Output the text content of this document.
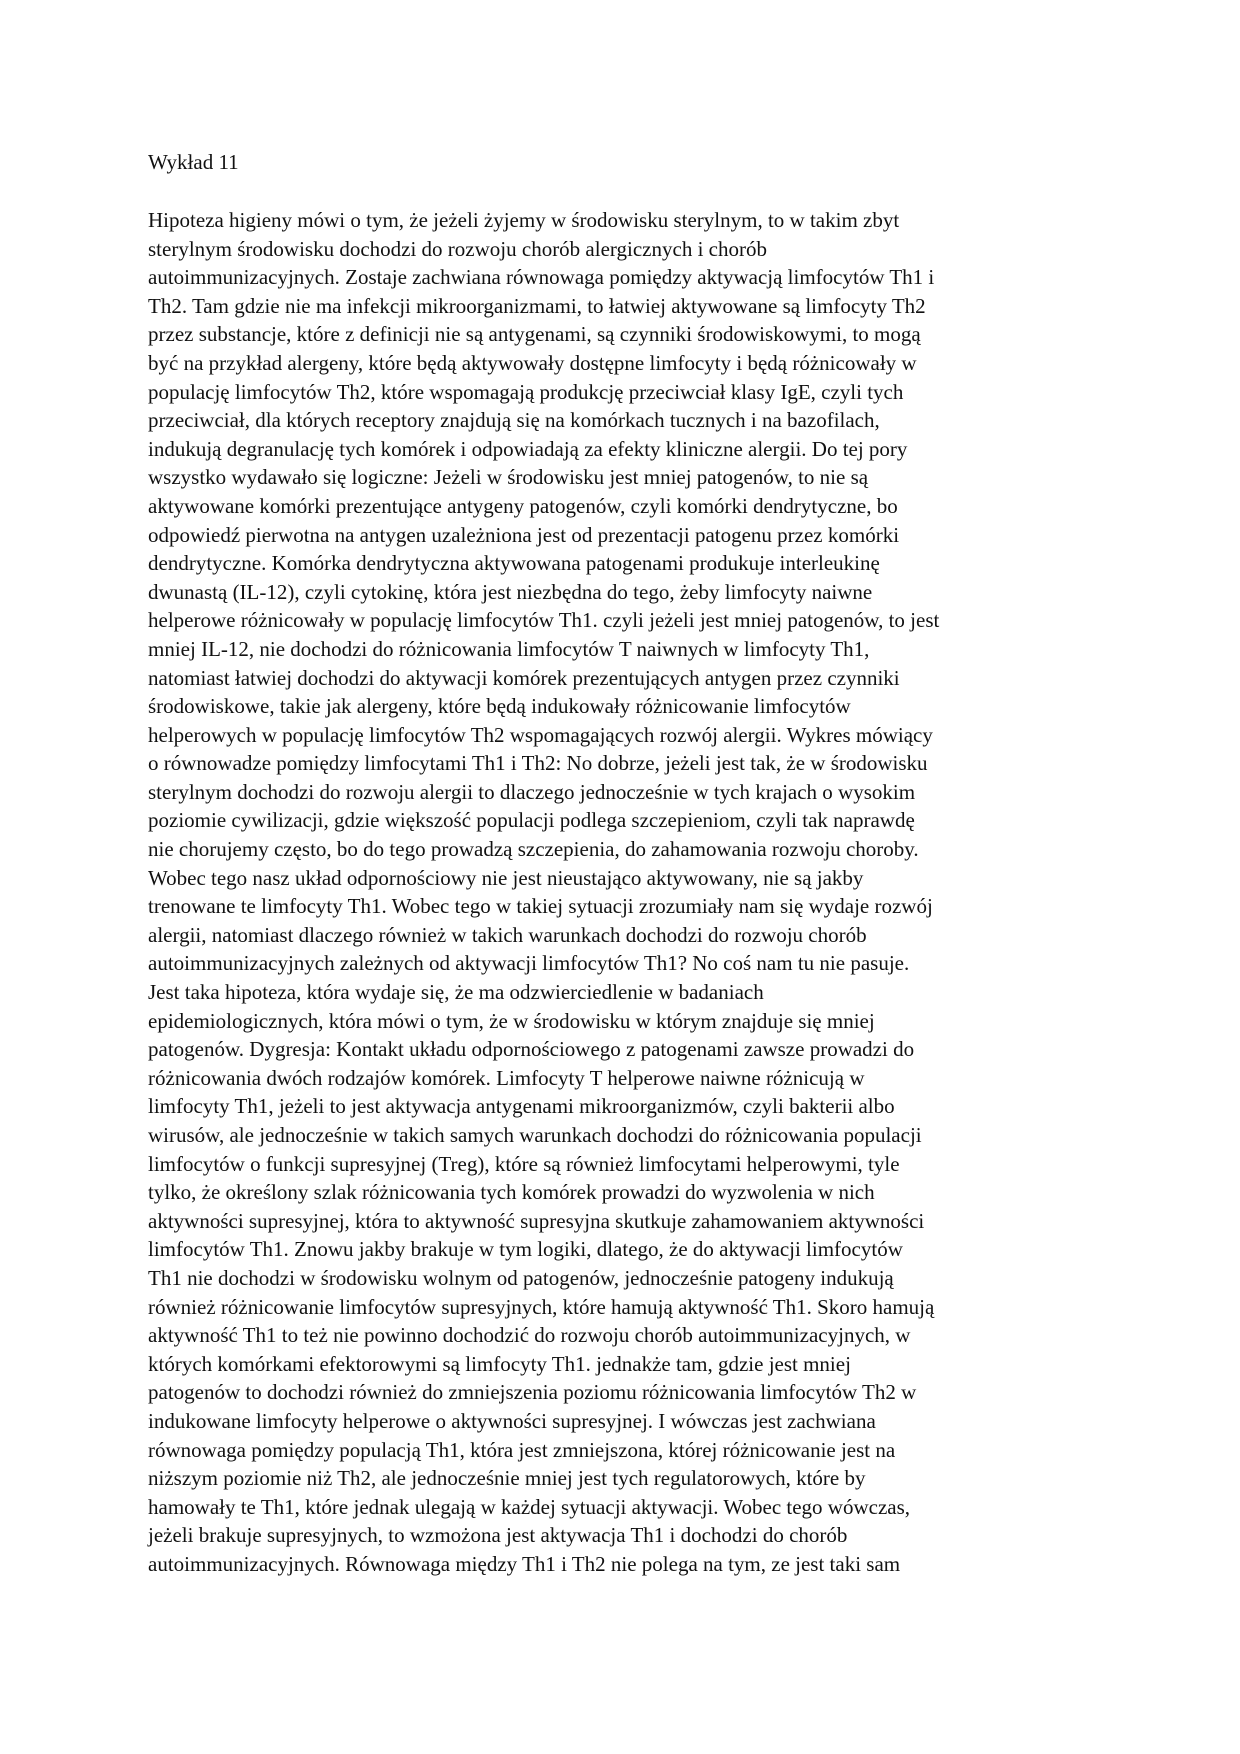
Wykład 11
Hipoteza higieny mówi o tym, że jeżeli żyjemy w środowisku sterylnym, to w takim zbyt
sterylnym środowisku dochodzi do rozwoju chorób alergicznych i chorób
autoimmunizacyjnych. Zostaje zachwiana równowaga pomiędzy aktywacją limfocytów Th1 i
Th2. Tam gdzie nie ma infekcji mikroorganizmami, to łatwiej aktywowane są limfocyty Th2
przez substancje, które z definicji nie są antygenami, są czynniki środowiskowymi, to mogą
być na przykład alergeny, które będą aktywowały dostępne limfocyty i będą różnicowały w
populację limfocytów Th2, które wspomagają produkcję przeciwciał klasy IgE, czyli tych
przeciwciał, dla których receptory znajdują się na komórkach tucznych i na bazofilach,
indukują degranulację tych komórek i odpowiadają za efekty kliniczne alergii. Do tej pory
wszystko wydawało się logiczne: Jeżeli w środowisku jest mniej patogenów, to nie są
aktywowane komórki prezentujące antygeny patogenów, czyli komórki dendrytyczne, bo
odpowiedź pierwotna na antygen uzależniona jest od prezentacji patogenu przez komórki
dendrytyczne. Komórka dendrytyczna aktywowana patogenami produkuje interleukinę
dwunastą (IL-12), czyli cytokinę, która jest niezbędna do tego, żeby limfocyty naiwne
helperowe różnicowały w populację limfocytów Th1. czyli jeżeli jest mniej patogenów, to jest
mniej IL-12, nie dochodzi do różnicowania limfocytów T naiwnych w limfocyty Th1,
natomiast łatwiej dochodzi do aktywacji komórek prezentujących antygen przez czynniki
środowiskowe, takie jak alergeny, które będą indukowały różnicowanie limfocytów
helperowych w populację limfocytów Th2 wspomagających rozwój alergii. Wykres mówiący
o równowadze pomiędzy limfocytami Th1 i Th2: No dobrze, jeżeli jest tak, że w środowisku
sterylnym dochodzi do rozwoju alergii to dlaczego jednocześnie w tych krajach o wysokim
poziomie cywilizacji, gdzie większość populacji podlega szczepieniom, czyli tak naprawdę
nie chorujemy często, bo do tego prowadzą szczepienia, do zahamowania rozwoju choroby.
Wobec tego nasz układ odpornościowy nie jest nieustająco aktywowany, nie są jakby
trenowane te limfocyty Th1. Wobec tego w takiej sytuacji zrozumiały nam się wydaje rozwój
alergii, natomiast dlaczego również w takich warunkach dochodzi do rozwoju chorób
autoimmunizacyjnych zależnych od aktywacji limfocytów Th1? No coś nam tu nie pasuje.
Jest taka hipoteza, która wydaje się, że ma odzwierciedlenie w badaniach
epidemiologicznych, która mówi o tym, że w środowisku w którym znajduje się mniej
patogenów. Dygresja: Kontakt układu odpornościowego z patogenami zawsze prowadzi do
różnicowania dwóch rodzajów komórek. Limfocyty T helperowe naiwne różnicują w
limfocyty Th1, jeżeli to jest aktywacja antygenami mikroorganizmów, czyli bakterii albo
wirusów, ale jednocześnie w takich samych warunkach dochodzi do różnicowania populacji
limfocytów o funkcji supresyjnej (Treg), które są również limfocytami helperowymi, tyle
tylko, że określony szlak różnicowania tych komórek prowadzi do wyzwolenia w nich
aktywności supresyjnej, która to aktywność supresyjna skutkuje zahamowaniem aktywności
limfocytów Th1. Znowu jakby brakuje w tym logiki, dlatego, że do aktywacji limfocytów
Th1 nie dochodzi w środowisku wolnym od patogenów, jednocześnie patogeny indukują
również różnicowanie limfocytów supresyjnych, które hamują aktywność Th1. Skoro hamują
aktywność Th1 to też nie powinno dochodzić do rozwoju chorób autoimmunizacyjnych, w
których komórkami efektorowymi są limfocyty Th1. jednakże tam, gdzie jest mniej
patogenów to dochodzi również do zmniejszenia poziomu różnicowania limfocytów Th2 w
indukowane limfocyty helperowe o aktywności supresyjnej. I wówczas jest zachwiana
równowaga pomiędzy populacją Th1, która jest zmniejszona, której różnicowanie jest na
niższym poziomie niż Th2, ale jednocześnie mniej jest tych regulatorowych, które by
hamowały te Th1, które jednak ulegają w każdej sytuacji aktywacji. Wobec tego wówczas,
jeżeli brakuje supresyjnych, to wzmożona jest aktywacja Th1 i dochodzi do chorób
autoimmunizacyjnych. Równowaga między Th1 i Th2 nie polega na tym, ze jest taki sam
